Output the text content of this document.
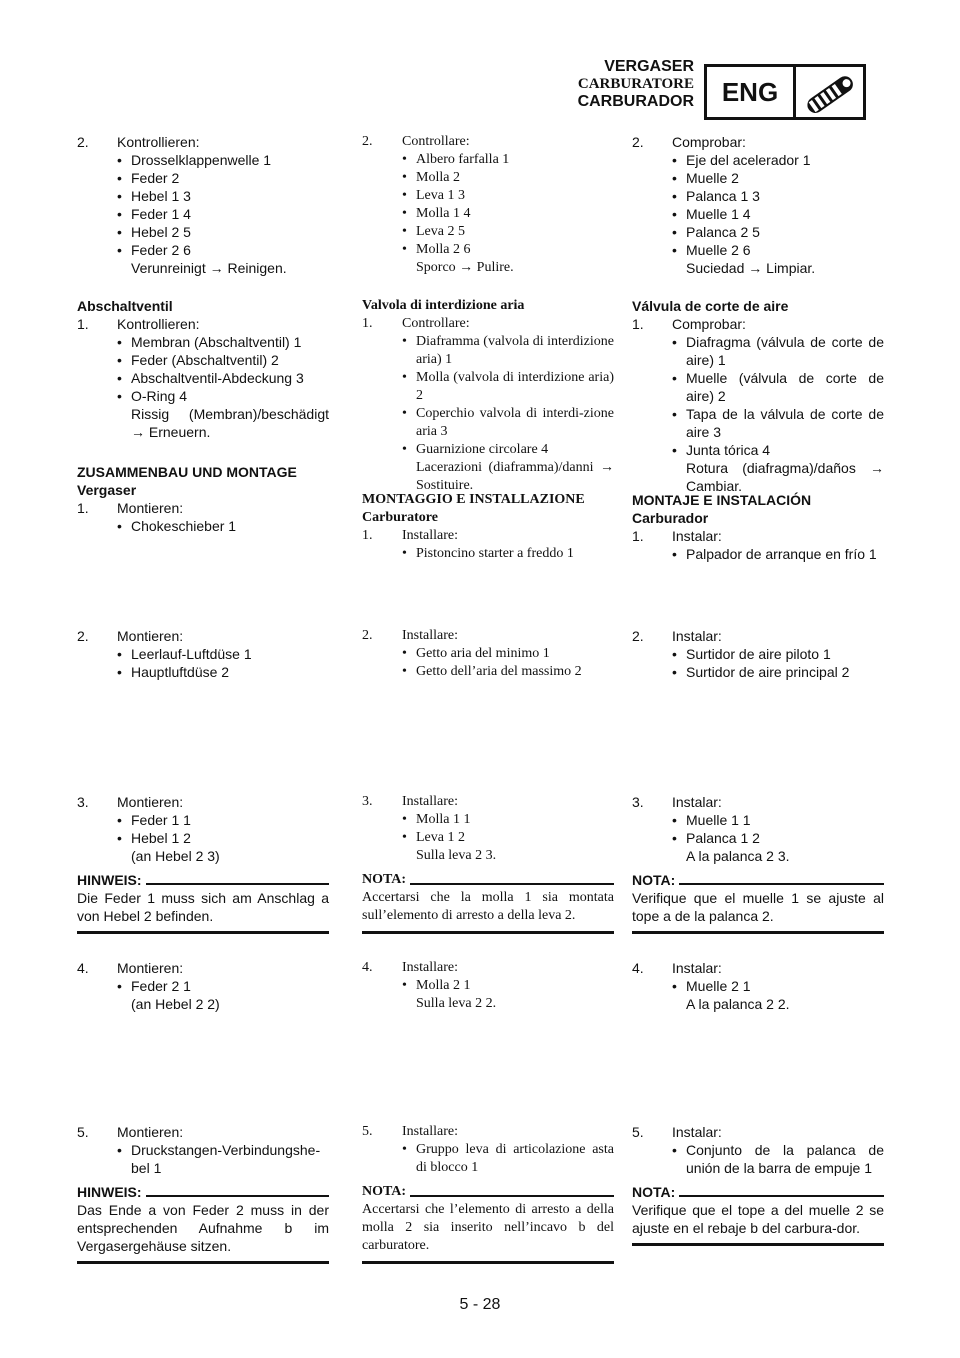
VERGASER
CARBURATORE
CARBURADOR	ENG
2.	Kontrollieren:
• Drosselklappenwelle 1
• Feder 2
• Hebel 1 3
• Feder 1 4
• Hebel 2 5
• Feder 2 6
Verunreinigt → Reinigen.
Abschaltventil
1.	Kontrollieren:
• Membran (Abschaltventil) 1
• Feder (Abschaltventil) 2
• Abschaltventil-Abdeckung 3
• O-Ring 4
Rissig (Membran)/beschädigt → Erneuern.
ZUSAMMENBAU UND MONTAGE
Vergaser
1.	Montieren:
• Chokeschieber 1
2.	Montieren:
• Leerlauf-Luftdüse 1
• Hauptluftdüse 2
3.	Montieren:
• Feder 1 1
• Hebel 1 2
(an Hebel 2 3)
4.	Montieren:
• Feder 2 1
(an Hebel 2 2)
5.	Montieren:
• Druckstangen-Verbindungshe-bel 1
HINWEIS:
Die Feder 1 muss sich am Anschlag a von Hebel 2 befinden.
HINWEIS:
Das Ende a von Feder 2 muss in der entsprechenden Aufnahme b im Vergasergehäuse sitzen.
2.	Controllare:
• Albero farfalla 1
• Molla 2
• Leva 1 3
• Molla 1 4
• Leva 2 5
• Molla 2 6
Sporco → Pulire.
Valvola di interdizione aria
1.	Controllare:
• Diaframma (valvola di interdizione aria) 1
• Molla (valvola di interdizione aria) 2
• Coperchio valvola di interdi-zione aria 3
• Guarnizione circolare 4
Lacerazioni (diaframma)/danni → Sostituire.
MONTAGGIO E INSTALLAZIONE
Carburatore
1.	Installare:
• Pistoncino starter a freddo 1
2.	Installare:
• Getto aria del minimo 1
• Getto dell’aria del massimo 2
3.	Installare:
• Molla 1 1
• Leva 1 2
Sulla leva 2 3.
4.	Installare:
• Molla 2 1
Sulla leva 2 2.
5.	Installare:
• Gruppo leva di articolazione asta di blocco 1
NOTA:
Accertarsi che la molla 1 sia montata sull’elemento di arresto a della leva 2.
NOTA:
Accertarsi che l’elemento di arresto a della molla 2 sia inserito nell’incavo b del carburatore.
2.	Comprobar:
• Eje del acelerador 1
• Muelle 2
• Palanca 1 3
• Muelle 1 4
• Palanca 2 5
• Muelle 2 6
Suciedad → Limpiar.
Válvula de corte de aire
1.	Comprobar:
• Diafragma (válvula de corte de aire) 1
• Muelle (válvula de corte de aire) 2
• Tapa de la válvula de corte de aire 3
• Junta tórica 4
Rotura (diafragma)/daños → Cambiar.
MONTAJE E INSTALACIÓN
Carburador
1.	Instalar:
• Palpador de arranque en frío 1
2.	Instalar:
• Surtidor de aire piloto 1
• Surtidor de aire principal 2
3.	Instalar:
• Muelle 1 1
• Palanca 1 2
A la palanca 2 3.
4.	Instalar:
• Muelle 2 1
A la palanca 2 2.
5.	Instalar:
• Conjunto de la palanca de unión de la barra de empuje 1
NOTA:
Verifique que el muelle 1 se ajuste al tope a de la palanca 2.
NOTA:
Verifique que el tope a del muelle 2 se ajuste en el rebaje b del carbura-dor.
5 - 28
